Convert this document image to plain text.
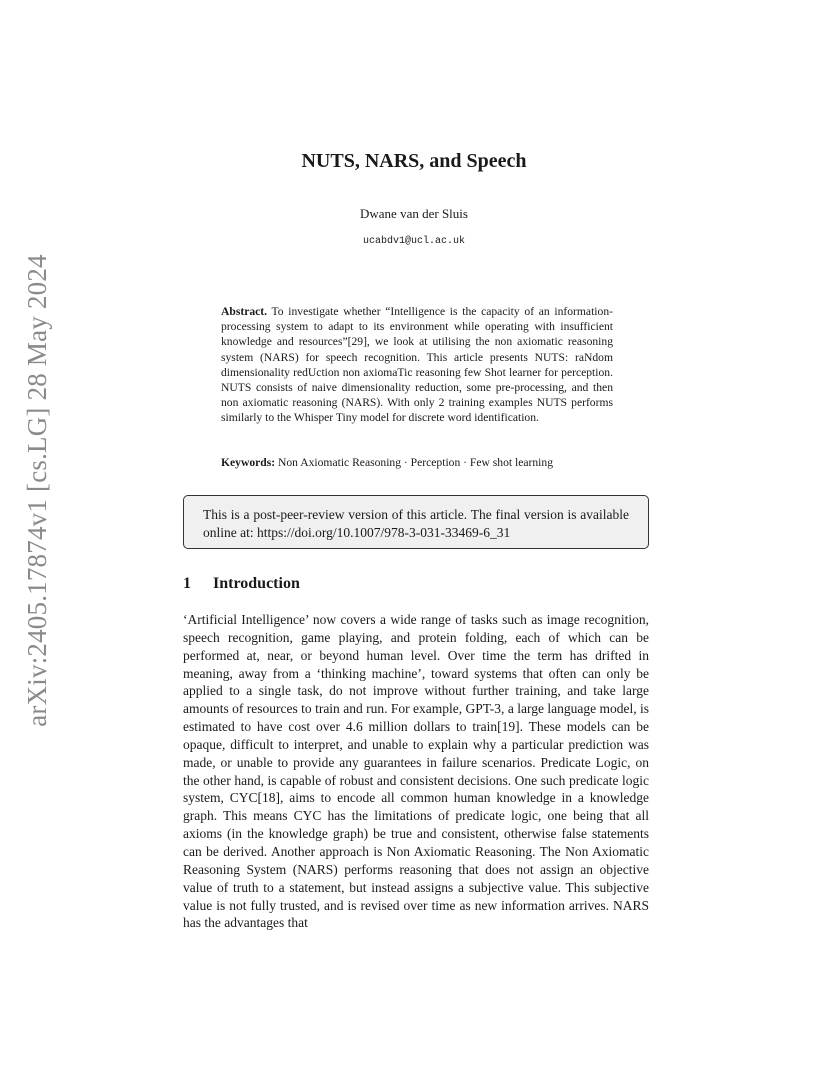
arXiv:2405.17874v1 [cs.LG] 28 May 2024
NUTS, NARS, and Speech
Dwane van der Sluis
ucabdv1@ucl.ac.uk
Abstract. To investigate whether “Intelligence is the capacity of an information-processing system to adapt to its environment while operating with insufficient knowledge and resources”[29], we look at utilising the non axiomatic reasoning system (NARS) for speech recognition. This article presents NUTS: raNdom dimensionality redUction non axiomaTic reasoning few Shot learner for perception. NUTS consists of naive dimensionality reduction, some pre-processing, and then non axiomatic reasoning (NARS). With only 2 training examples NUTS performs similarly to the Whisper Tiny model for discrete word identification.
Keywords: Non Axiomatic Reasoning · Perception · Few shot learning
This is a post-peer-review version of this article. The final version is available online at: https://doi.org/10.1007/978-3-031-33469-6_31
1 Introduction

‘Artificial Intelligence’ now covers a wide range of tasks such as image recognition, speech recognition, game playing, and protein folding, each of which can be performed at, near, or beyond human level. Over time the term has drifted in meaning, away from a ‘thinking machine’, toward systems that often can only be applied to a single task, do not improve without further training, and take large amounts of resources to train and run. For example, GPT-3, a large language model, is estimated to have cost over 4.6 million dollars to train[19]. These models can be opaque, difficult to interpret, and unable to explain why a particular prediction was made, or unable to provide any guarantees in failure scenarios. Predicate Logic, on the other hand, is capable of robust and consistent decisions. One such predicate logic system, CYC[18], aims to encode all common human knowledge in a knowledge graph. This means CYC has the limitations of predicate logic, one being that all axioms (in the knowledge graph) be true and consistent, otherwise false statements can be derived. Another approach is Non Axiomatic Reasoning. The Non Axiomatic Reasoning System (NARS) performs reasoning that does not assign an objective value of truth to a statement, but instead assigns a subjective value. This subjective value is not fully trusted, and is revised over time as new information arrives. NARS has the advantages that
